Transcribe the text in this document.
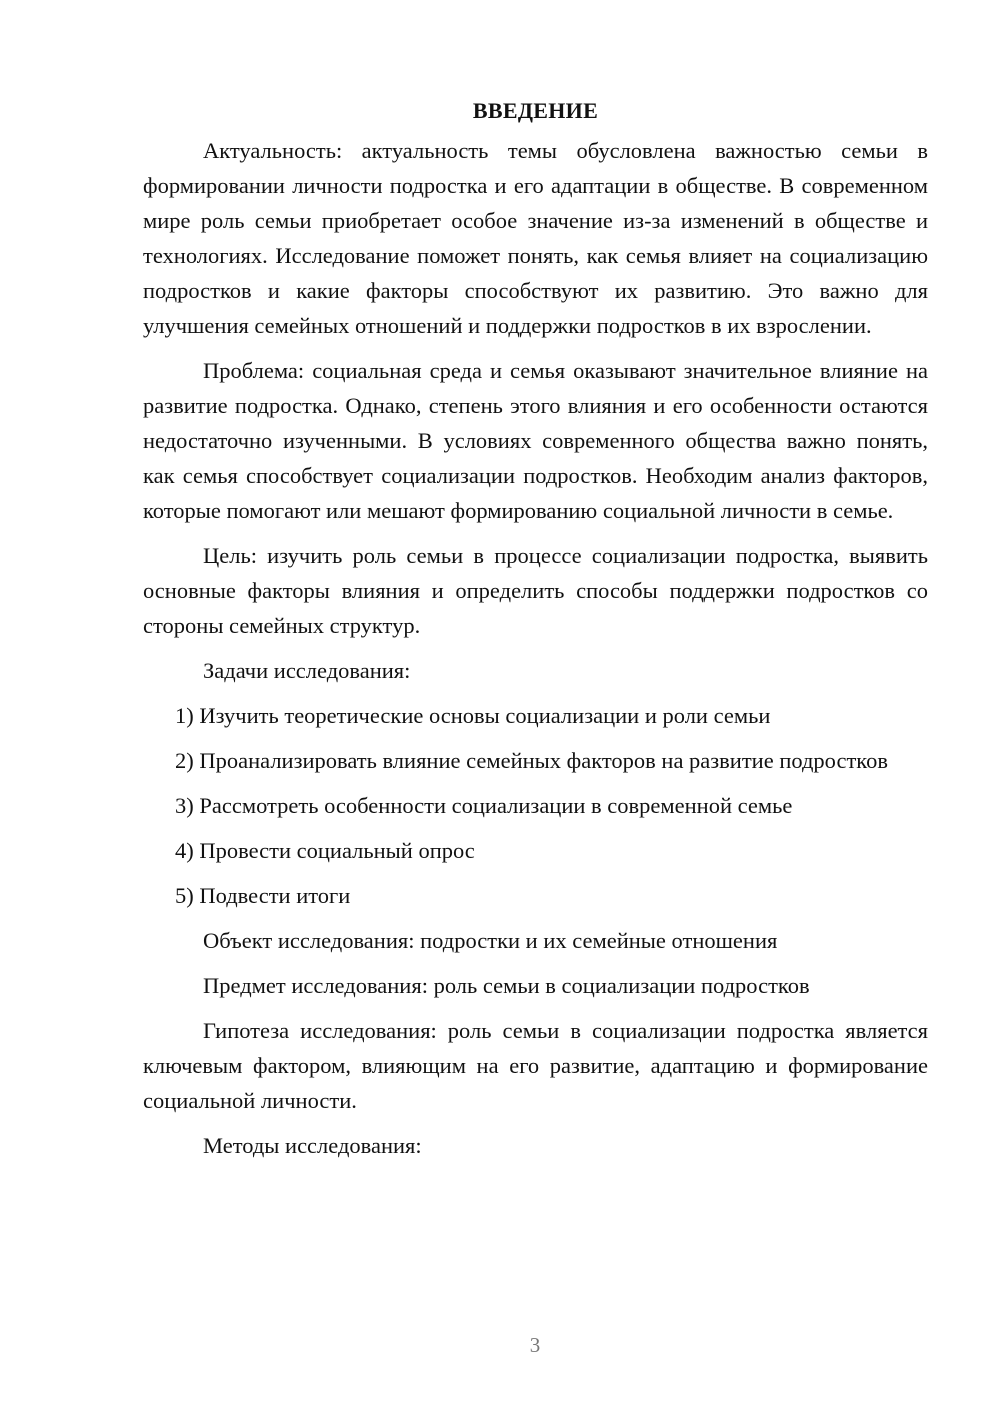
ВВЕДЕНИЕ

Актуальность: актуальность темы обусловлена важностью семьи в формировании личности подростка и его адаптации в обществе. В современном мире роль семьи приобретает особое значение из-за изменений в обществе и технологиях. Исследование поможет понять, как семья влияет на социализацию подростков и какие факторы способствуют их развитию. Это важно для улучшения семейных отношений и поддержки подростков в их взрослении.

Проблема: социальная среда и семья оказывают значительное влияние на развитие подростка. Однако, степень этого влияния и его особенности остаются недостаточно изученными. В условиях современного общества важно понять, как семья способствует социализации подростков. Необходим анализ факторов, которые помогают или мешают формированию социальной личности в семье.

Цель: изучить роль семьи в процессе социализации подростка, выявить основные факторы влияния и определить способы поддержки подростков со стороны семейных структур.

Задачи исследования:

1) Изучить теоретические основы социализации и роли семьи

2) Проанализировать влияние семейных факторов на развитие подростков

3) Рассмотреть особенности социализации в современной семье

4) Провести социальный опрос

5) Подвести итоги

Объект исследования: подростки и их семейные отношения

Предмет исследования: роль семьи в социализации подростков

Гипотеза исследования: роль семьи в социализации подростка является ключевым фактором, влияющим на его развитие, адаптацию и формирование социальной личности.

Методы исследования:

3
